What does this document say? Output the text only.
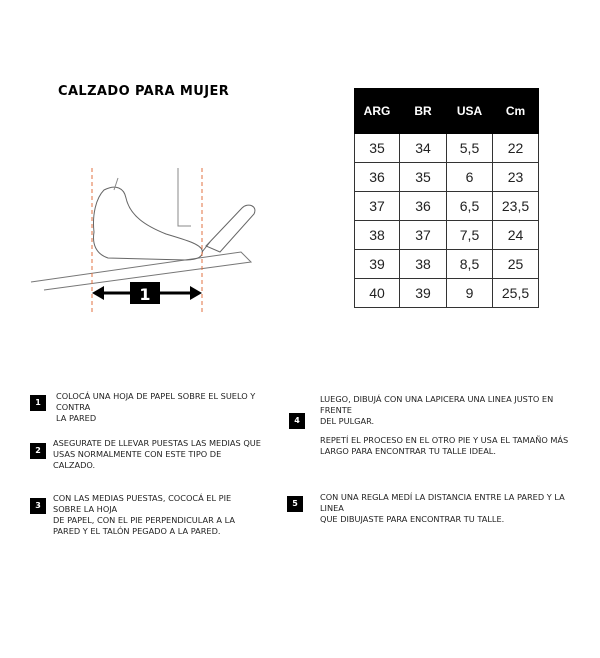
CALZADO PARA MUJER
1
ARG	BR	USA	Cm
35	34	5,5	22
36	35	6	23
37	36	6,5	23,5
38	37	7,5	24
39	38	8,5	25
40	39	9	25,5
1
COLOCÁ UNA HOJA DE PAPEL SOBRE EL SUELO Y CONTRA
LA PARED
2
ASEGURATE DE LLEVAR PUESTAS LAS MEDIAS QUE
USAS NORMALMENTE CON ESTE TIPO DE
CALZADO.
3
CON LAS MEDIAS PUESTAS, COCOCÁ EL PIE SOBRE LA HOJA
DE PAPEL, CON EL PIE PERPENDICULAR A LA
PARED Y EL TALÓN PEGADO A LA PARED.
4
LUEGO, DIBUJÁ CON UNA LAPICERA UNA LINEA JUSTO EN FRENTE
DEL PULGAR.
REPETÍ EL PROCESO EN EL OTRO PIE Y USA EL TAMAÑO MÁS
LARGO PARA ENCONTRAR TU TALLE IDEAL.
5
CON UNA REGLA MEDÍ LA DISTANCIA ENTRE LA PARED Y LA LINEA
QUE DIBUJASTE PARA ENCONTRAR TU TALLE.
